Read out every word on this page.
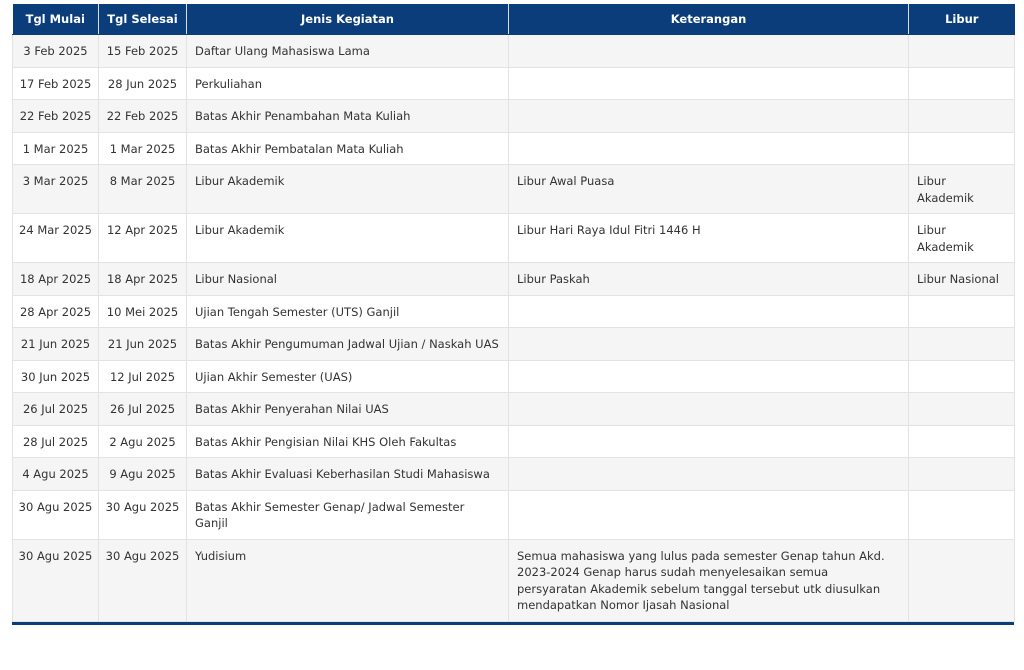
Tgl Mulai	Tgl Selesai	Jenis Kegiatan	Keterangan	Libur
3 Feb 2025	15 Feb 2025	Daftar Ulang Mahasiswa Lama		
17 Feb 2025	28 Jun 2025	Perkuliahan		
22 Feb 2025	22 Feb 2025	Batas Akhir Penambahan Mata Kuliah		
1 Mar 2025	1 Mar 2025	Batas Akhir Pembatalan Mata Kuliah		
3 Mar 2025	8 Mar 2025	Libur Akademik	Libur Awal Puasa	Libur Akademik
24 Mar 2025	12 Apr 2025	Libur Akademik	Libur Hari Raya Idul Fitri 1446 H	Libur Akademik
18 Apr 2025	18 Apr 2025	Libur Nasional	Libur Paskah	Libur Nasional
28 Apr 2025	10 Mei 2025	Ujian Tengah Semester (UTS) Ganjil		
21 Jun 2025	21 Jun 2025	Batas Akhir Pengumuman Jadwal Ujian / Naskah UAS		
30 Jun 2025	12 Jul 2025	Ujian Akhir Semester (UAS)		
26 Jul 2025	26 Jul 2025	Batas Akhir Penyerahan Nilai UAS		
28 Jul 2025	2 Agu 2025	Batas Akhir Pengisian Nilai KHS Oleh Fakultas		
4 Agu 2025	9 Agu 2025	Batas Akhir Evaluasi Keberhasilan Studi Mahasiswa		
30 Agu 2025	30 Agu 2025	Batas Akhir Semester Genap/ Jadwal Semester Ganjil		
30 Agu 2025	30 Agu 2025	Yudisium	Semua mahasiswa yang lulus pada semester Genap tahun Akd. 2023-2024 Genap harus sudah menyelesaikan semua persyaratan Akademik sebelum tanggal tersebut utk diusulkan mendapatkan Nomor Ijasah Nasional	
